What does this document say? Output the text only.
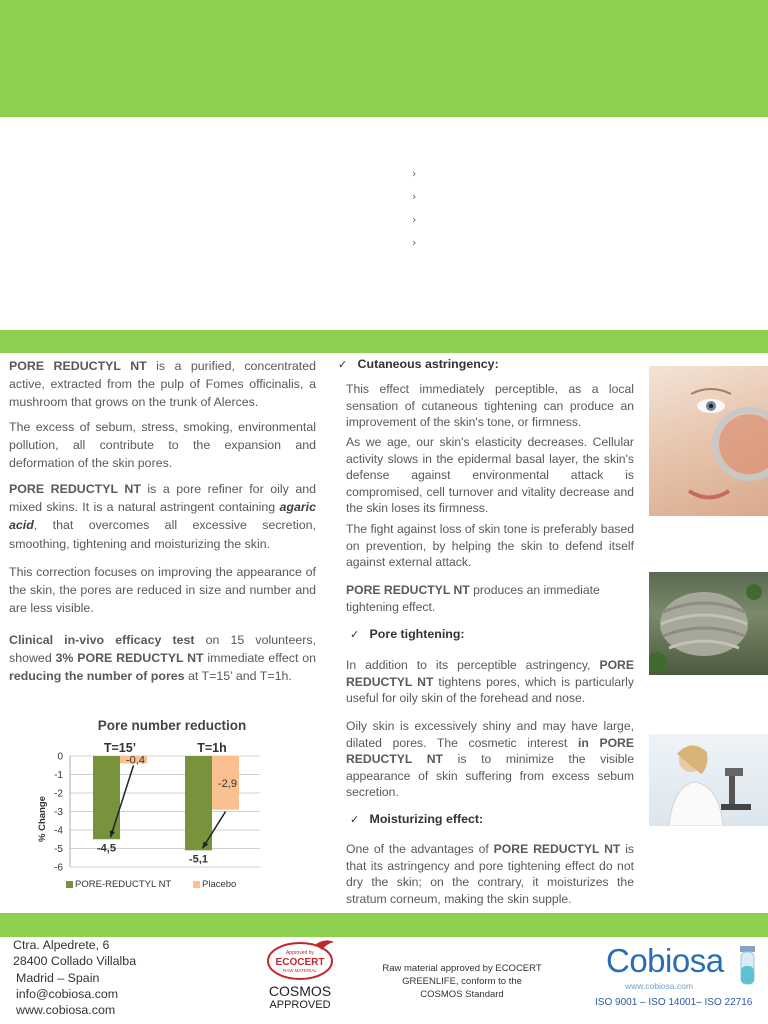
›
›
›
›
PORE REDUCTYL NT is a purified, concentrated active, extracted from the pulp of Fomes officinalis, a mushroom that grows on the trunk of Alerces.
The excess of sebum, stress, smoking, environmental pollution, all contribute to the expansion and deformation of the skin pores.
PORE REDUCTYL NT is a pore refiner for oily and mixed skins. It is a natural astringent containing agaric acid, that overcomes all excessive secretion, smoothing, tightening and moisturizing the skin.
This correction focuses on improving the appearance of the skin, the pores are reduced in size and number and are less visible.
Clinical in-vivo efficacy test on 15 volunteers, showed 3% PORE REDUCTYL NT immediate effect on reducing the number of pores at T=15’ and T=1h.
Pore number reduction
% Change
0
-1
-2
-3
-4
-5
-6
T=15’
-4,5
-0,4
T=1h
-5,1
-2,9
PORE-REDUCTYL NT	Placebo
✓ Cutaneous astringency:
This effect immediately perceptible, as a local sensation of cutaneous tightening can produce an improvement of the skin's tone, or firmness.
As we age, our skin's elasticity decreases. Cellular activity slows in the epidermal basal layer, the skin's defense against environmental attack is compromised, cell turnover and vitality decrease and the skin loses its firmness.
The fight against loss of skin tone is preferably based on prevention, by helping the skin to defend itself against external attack.
PORE REDUCTYL NT produces an immediate tightening effect.
✓ Pore tightening:
In addition to its perceptible astringency, PORE REDUCTYL NT tightens pores, which is particularly useful for oily skin of the forehead and nose.
Oily skin is excessively shiny and may have large, dilated pores. The cosmetic interest in PORE REDUCTYL NT is to minimize the visible appearance of skin suffering from excess sebum secretion.
✓ Moisturizing effect:
One of the advantages of PORE REDUCTYL NT is that its astringency and pore tightening effect do not dry the skin; on the contrary, it moisturizes the stratum corneum, making the skin supple.
Ctra. Alpedrete, 6
28400 Collado Villalba
Madrid – Spain
info@cobiosa.com
www.cobiosa.com
Approved by
ECOCERT
RAW MATERIAL
COSMOS
APPROVED
Raw material approved by ECOCERT GREENLIFE, conform to the COSMOS Standard
Cobiosa
www.cobiosa.com
ISO 9001 – ISO 14001– ISO 22716
